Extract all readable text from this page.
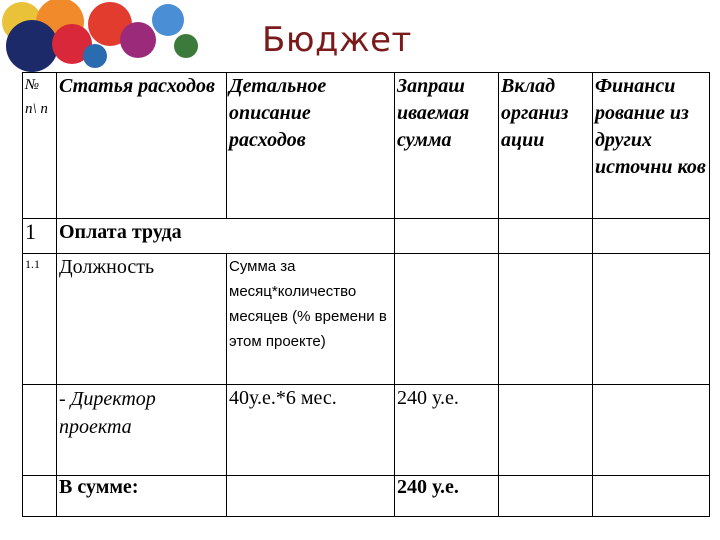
Бюджет
№ п\ п	Статья расходов	Детальное описание расходов	Запраш иваемая сумма	Вклад организ ации	Финанси рование из других источни ков
1	Оплата труда				
1.1	Должность	Сумма за месяц*количество месяцев (% времени в этом проекте)			
	- Директор проекта	40у.е.*6 мес.	240 у.е.		
	В сумме:		240 у.е.		
